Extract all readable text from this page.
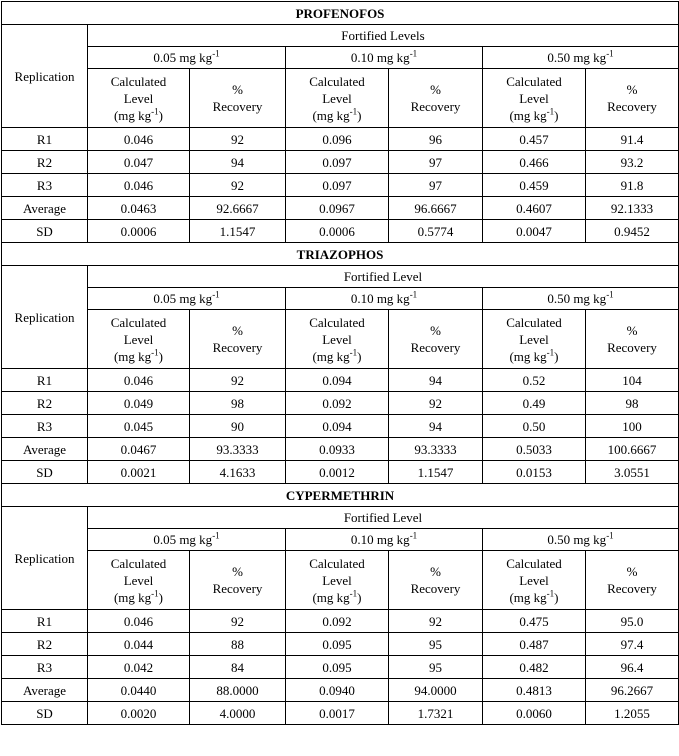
PROFENOFOS						
Replication	Fortified Levels					
	0.05 mg $kg^{-1}$		0.10 mg $kg^{-1}$		0.50 mg $kg^{-1}$
	Calculated
Level
(mg $kg^{-1}$)	%
Recovery	Calculated
Level
(mg $kg^{-1}$)	%
Recovery	Calculated
Level
(mg $kg^{-1}$)	%
Recovery
R1	0.046	92	0.096	96	0.457	91.4
R2	0.047	94	0.097	97	0.466	93.2
R3	0.046	92	0.097	97	0.459	91.8
Average	0.0463	92.6667	0.0967	96.6667	0.4607	92.1333
SD	0.0006	1.1547	0.0006	0.5774	0.0047	0.9452
TRIAZOPHOS						
Replication	Fortified Level					
	0.05 mg $kg^{-1}$		0.10 mg $kg^{-1}$		0.50 mg $kg^{-1}$
	Calculated
Level
(mg $kg^{-1}$)	%
Recovery	Calculated
Level
(mg $kg^{-1}$)	%
Recovery	Calculated
Level
(mg $kg^{-1}$)	%
Recovery
R1	0.046	92	0.094	94	0.52	104
R2	0.049	98	0.092	92	0.49	98
R3	0.045	90	0.094	94	0.50	100
Average	0.0467	93.3333	0.0933	93.3333	0.5033	100.6667
SD	0.0021	4.1633	0.0012	1.1547	0.0153	3.0551
CYPERMETHRIN						
Replication	Fortified Level					
	0.05 mg $kg^{-1}$		0.10 mg $kg^{-1}$		0.50 mg $kg^{-1}$
	Calculated
Level
(mg $kg^{-1}$)	%
Recovery	Calculated
Level
(mg $kg^{-1}$)	%
Recovery	Calculated
Level
(mg $kg^{-1}$)	%
Recovery
R1	0.046	92	0.092	92	0.475	95.0
R2	0.044	88	0.095	95	0.487	97.4
R3	0.042	84	0.095	95	0.482	96.4
Average	0.0440	88.0000	0.0940	94.0000	0.4813	96.2667
SD	0.0020	4.0000	0.0017	1.7321	0.0060	1.2055
